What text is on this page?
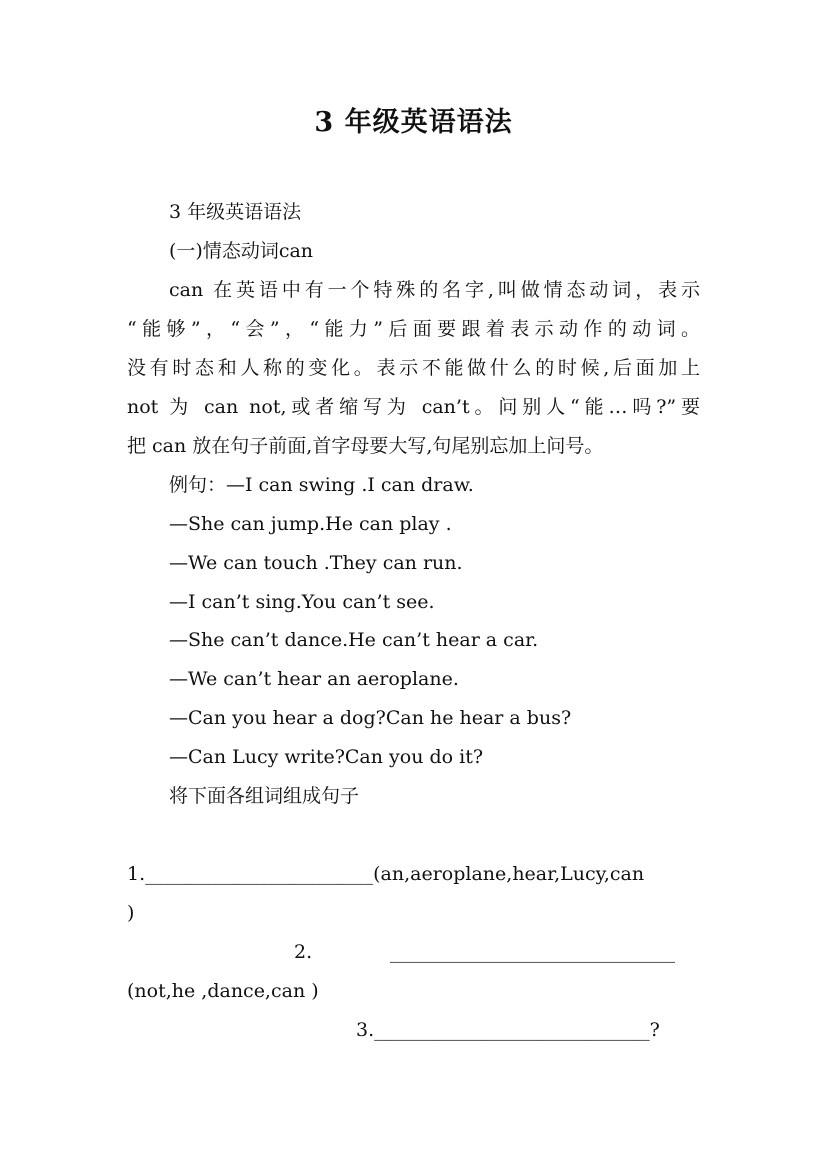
3 年级英语语法
3 年级英语语法
(一)情态动词can
can 在英语中有一个特殊的名字,叫做情态动词，表示
“能够”，“会”，“能力”后面要跟着表示动作的动词。
没有时态和人称的变化。表示不能做什么的时候,后面加上
not 为 can not,或者缩写为 can’t。问别人“能…吗?”要
把 can 放在句子前面,首字母要大写,句尾别忘加上问号。
例句：—I can swing .I can draw.
—She can jump.He can play .
—We can touch .They can run.
—I can’t sing.You can’t see.
—She can’t dance.He can’t hear a car.
—We can’t hear an aeroplane.
—Can you hear a dog?Can he hear a bus?
—Can Lucy write?Can you do it?
将下面各组词组成句子
1.________________________(an,aeroplane,hear,Lucy,can
)
2.	______________________________
(not,he ,dance,can )
3._____________________________?
